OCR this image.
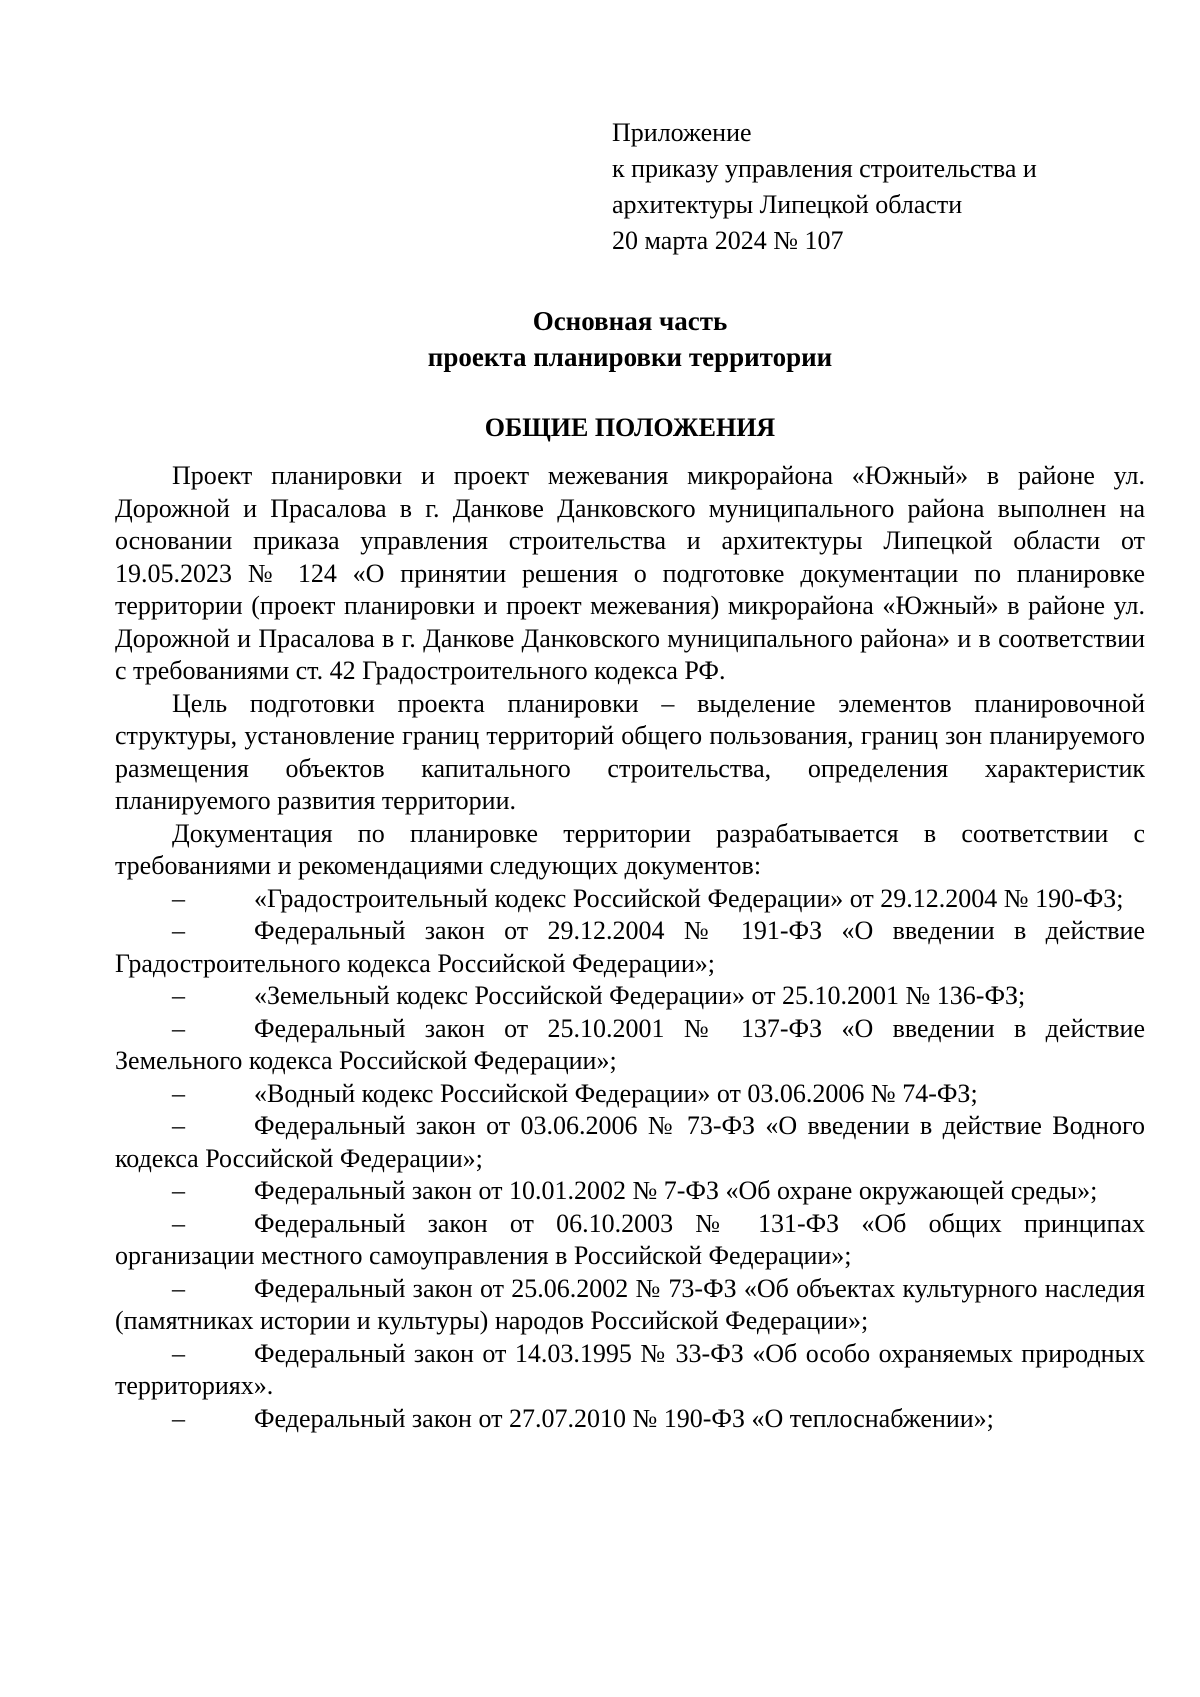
Приложение
к приказу управления строительства и
архитектуры Липецкой области
20 марта 2024 № 107
Основная часть
проекта планировки территории
ОБЩИЕ ПОЛОЖЕНИЯ

Проект планировки и проект межевания микрорайона «Южный» в районе ул. Дорожной и Прасалова в г. Данкове Данковского муниципального района выполнен на основании приказа управления строительства и архитектуры Липецкой области от 19.05.2023 № 124 «О принятии решения о подготовке документации по планировке территории (проект планировки и проект межевания) микрорайона «Южный» в районе ул. Дорожной и Прасалова в г. Данкове Данковского муниципального района» и в соответствии с требованиями ст. 42 Градостроительного кодекса РФ.

Цель подготовки проекта планировки – выделение элементов планировочной структуры, установление границ территорий общего пользования, границ зон планируемого размещения объектов капитального строительства, определения характеристик планируемого развития территории.

Документация по планировке территории разрабатывается в соответствии с требованиями и рекомендациями следующих документов:

–	«Градостроительный кодекс Российской Федерации» от 29.12.2004 № 190-ФЗ;

–	Федеральный закон от 29.12.2004 № 191-ФЗ «О введении в действие Градостроительного кодекса Российской Федерации»;

–	«Земельный кодекс Российской Федерации» от 25.10.2001 № 136-ФЗ;

–	Федеральный закон от 25.10.2001 № 137-ФЗ «О введении в действие Земельного кодекса Российской Федерации»;

–	«Водный кодекс Российской Федерации» от 03.06.2006 № 74-ФЗ;

–	Федеральный закон от 03.06.2006 № 73-ФЗ «О введении в действие Водного кодекса Российской Федерации»;

–	Федеральный закон от 10.01.2002 № 7-ФЗ «Об охране окружающей среды»;

–	Федеральный закон от 06.10.2003 № 131-ФЗ «Об общих принципах организации местного самоуправления в Российской Федерации»;

–	Федеральный закон от 25.06.2002 № 73-ФЗ «Об объектах культурного наследия (памятниках истории и культуры) народов Российской Федерации»;

–	Федеральный закон от 14.03.1995 № 33-ФЗ «Об особо охраняемых природных территориях».

–	Федеральный закон от 27.07.2010 № 190-ФЗ «О теплоснабжении»;
